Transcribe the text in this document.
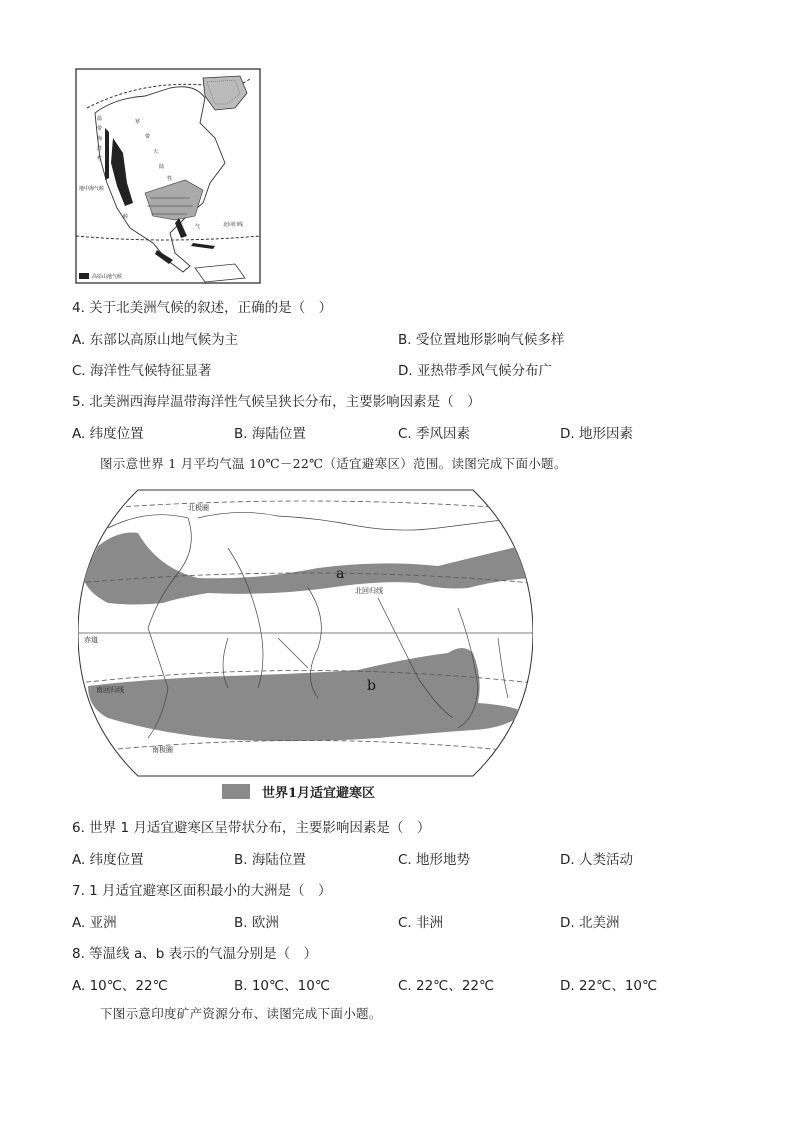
寒
带
大
陆
性
候
气
温
带
海
洋
性
地中海气候
北回归线
高原山地气候
4. 关于北美洲气候的叙述，正确的是（　）
A. 东部以高原山地气候为主	B. 受位置地形影响气候多样
C. 海洋性气候特征显著	D. 亚热带季风气候分布广
5. 北美洲西海岸温带海洋性气候呈狭长分布，主要影响因素是（　）
A. 纬度位置	B. 海陆位置	C. 季风因素	D. 地形因素
图示意世界 1 月平均气温 10℃－22℃（适宜避寒区）范围。读图完成下面小题。
北极圈
北回归线
赤道
南回归线
南极圈
a
b
世界1月适宜避寒区
6. 世界 1 月适宜避寒区呈带状分布，主要影响因素是（　）
A. 纬度位置	B. 海陆位置	C. 地形地势	D. 人类活动
7. 1 月适宜避寒区面积最小的大洲是（　）
A. 亚洲	B. 欧洲	C. 非洲	D. 北美洲
8. 等温线 a、b 表示的气温分别是（　）
A. 10℃、22℃	B. 10℃、10℃	C. 22℃、22℃	D. 22℃、10℃
下图示意印度矿产资源分布、读图完成下面小题。
